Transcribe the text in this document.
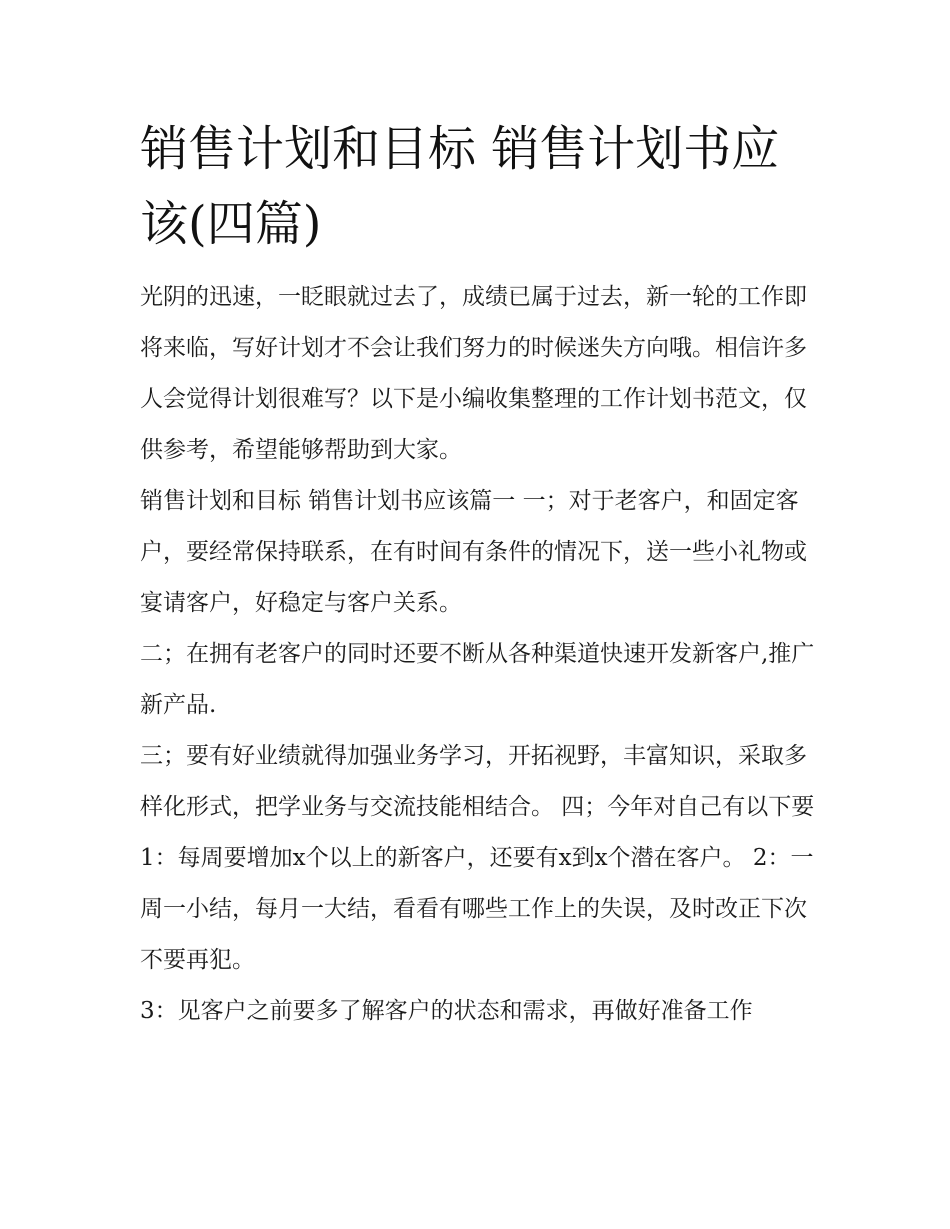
销售计划和目标 销售计划书应该(四篇)

光阴的迅速，一眨眼就过去了，成绩已属于过去，新一轮的工作即将来临，写好计划才不会让我们努力的时候迷失方向哦。相信许多人会觉得计划很难写？以下是小编收集整理的工作计划书范文，仅供参考，希望能够帮助到大家。

销售计划和目标 销售计划书应该篇一 一；对于老客户，和固定客户，要经常保持联系，在有时间有条件的情况下，送一些小礼物或宴请客户，好稳定与客户关系。

二；在拥有老客户的同时还要不断从各种渠道快速开发新客户,推广新产品.

三；要有好业绩就得加强业务学习，开拓视野，丰富知识，采取多样化形式，把学业务与交流技能相结合。 四；今年对自己有以下要

1：每周要增加x个以上的新客户，还要有x到x个潜在客户。 2：一周一小结，每月一大结，看看有哪些工作上的失误，及时改正下次不要再犯。

3：见客户之前要多了解客户的状态和需求，再做好准备工作
